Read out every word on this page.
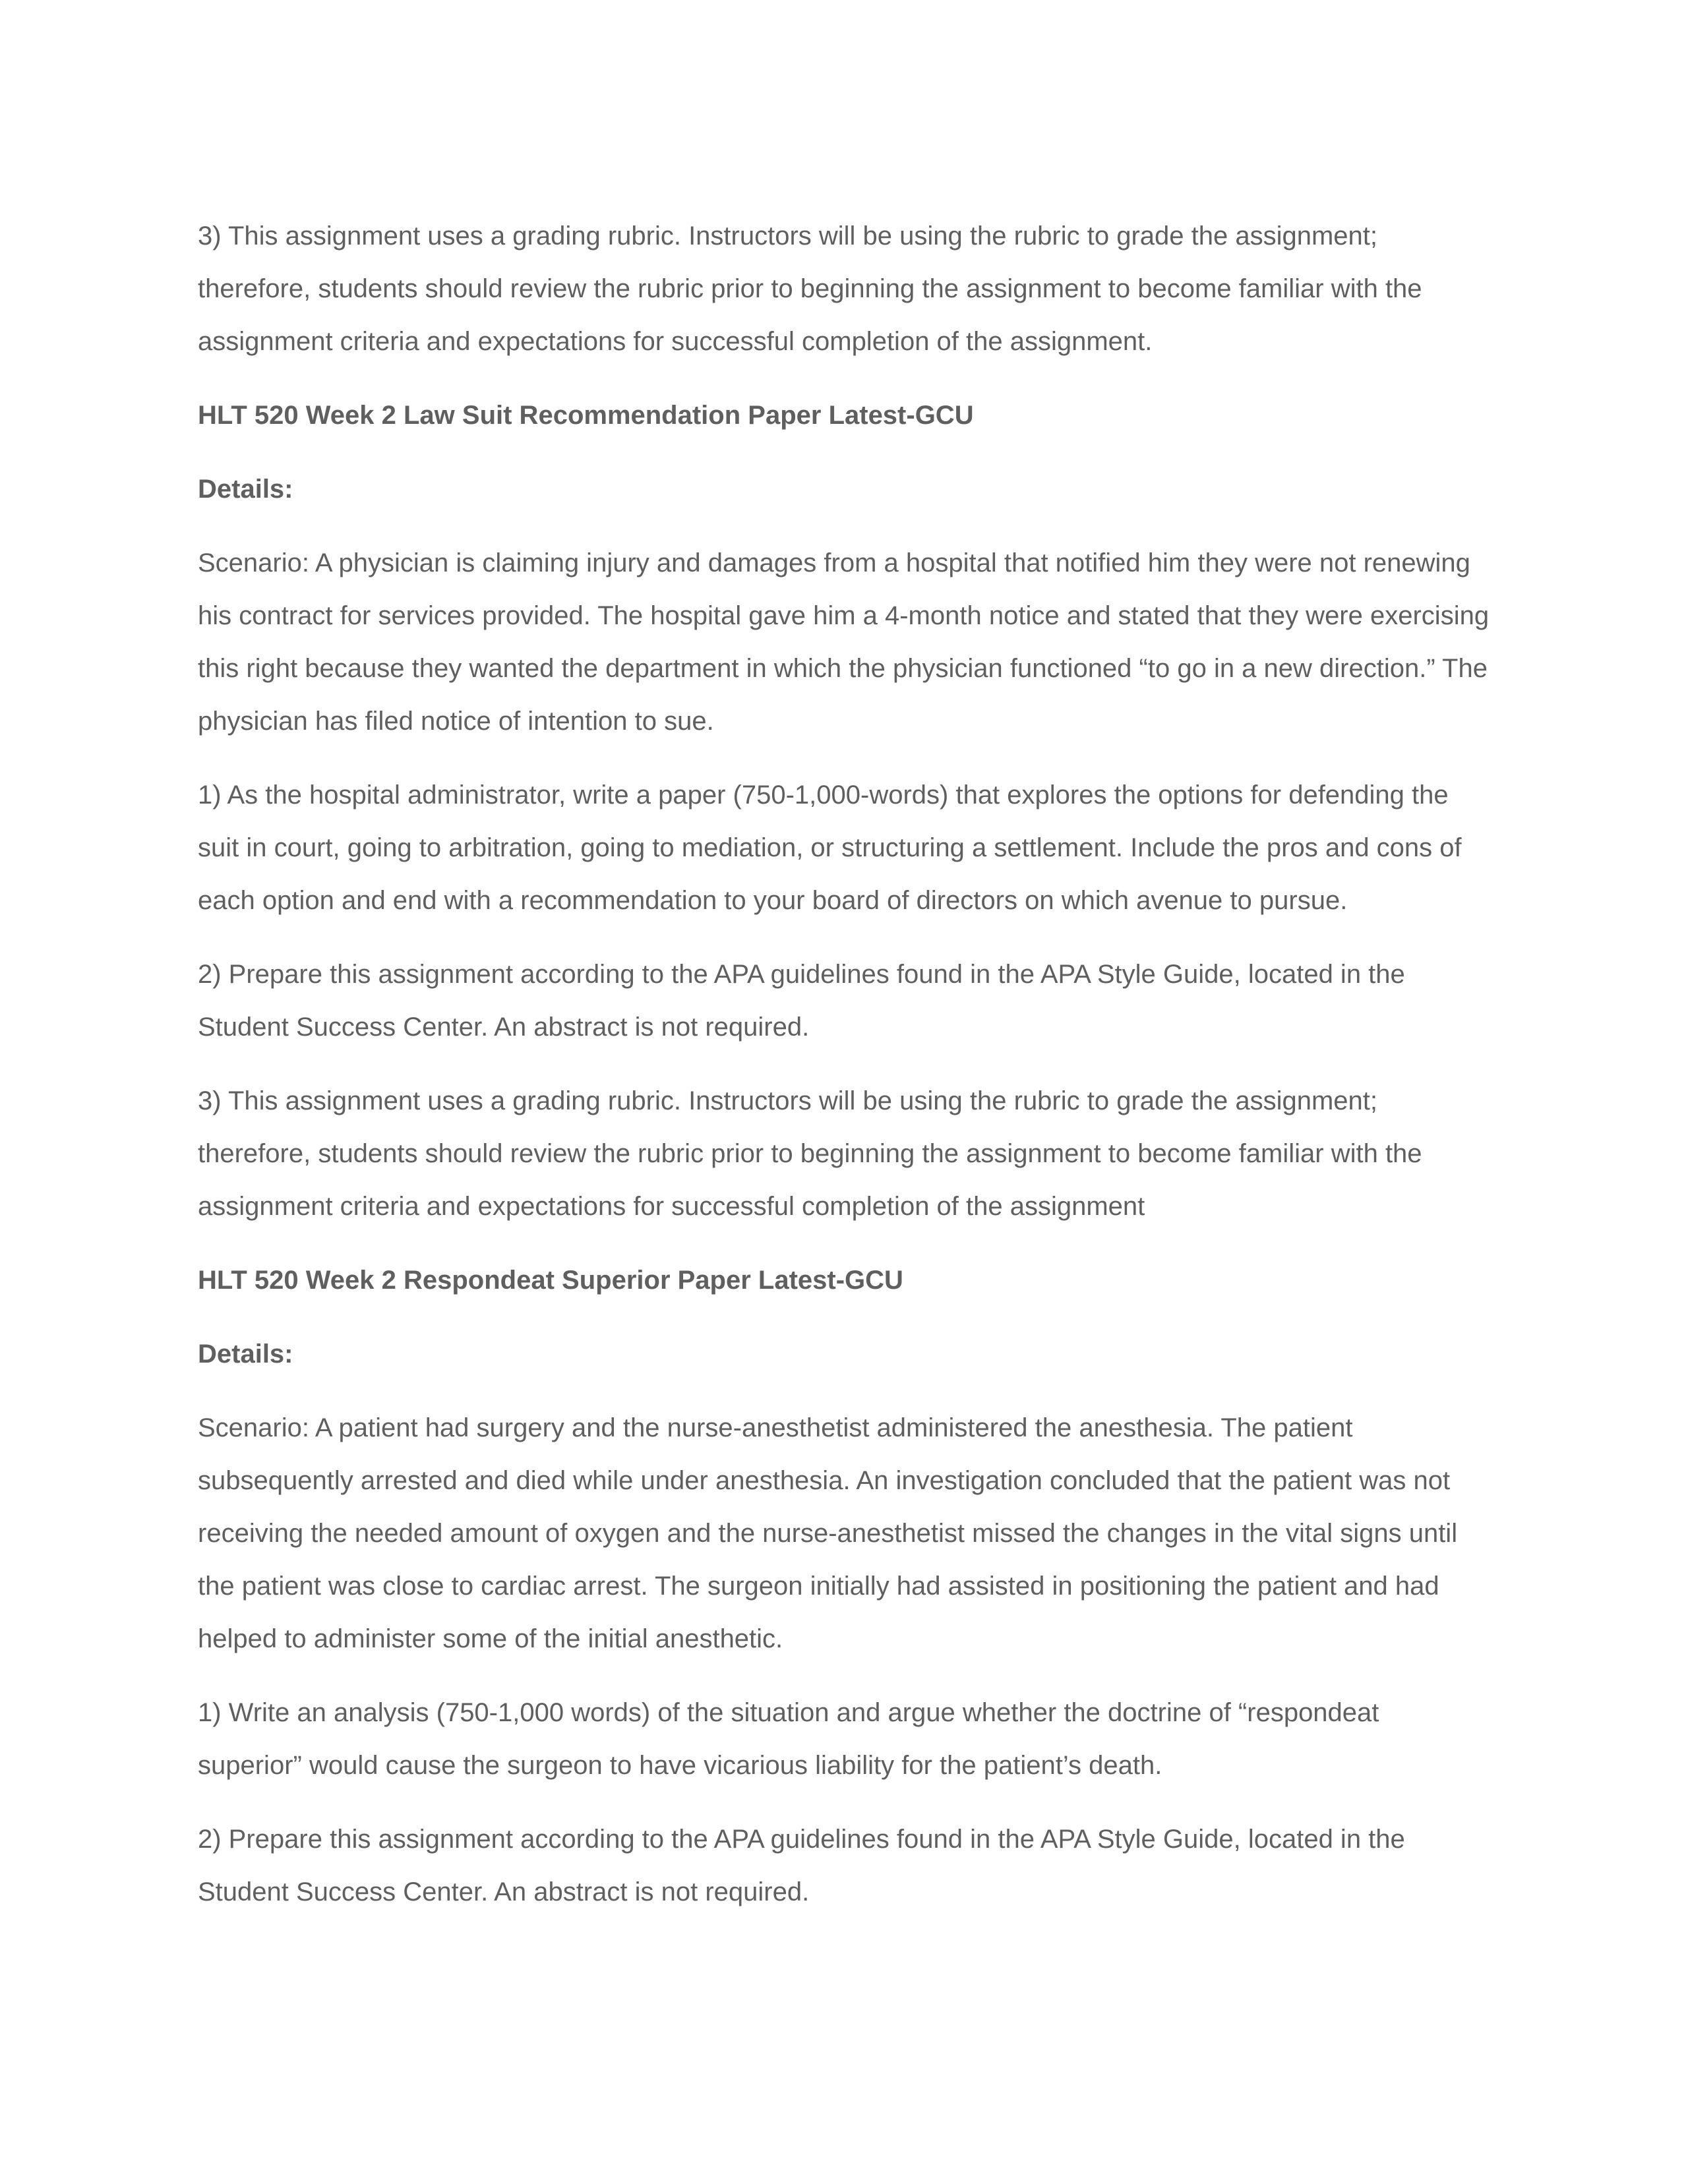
3) This assignment uses a grading rubric. Instructors will be using the rubric to grade the assignment; therefore, students should review the rubric prior to beginning the assignment to become familiar with the assignment criteria and expectations for successful completion of the assignment.

HLT 520 Week 2 Law Suit Recommendation Paper Latest-GCU

Details:

Scenario: A physician is claiming injury and damages from a hospital that notified him they were not renewing his contract for services provided. The hospital gave him a 4-month notice and stated that they were exercising this right because they wanted the department in which the physician functioned “to go in a new direction.” The physician has filed notice of intention to sue.

1) As the hospital administrator, write a paper (750-1,000-words) that explores the options for defending the suit in court, going to arbitration, going to mediation, or structuring a settlement. Include the pros and cons of each option and end with a recommendation to your board of directors on which avenue to pursue.

2) Prepare this assignment according to the APA guidelines found in the APA Style Guide, located in the Student Success Center. An abstract is not required.

3) This assignment uses a grading rubric. Instructors will be using the rubric to grade the assignment; therefore, students should review the rubric prior to beginning the assignment to become familiar with the assignment criteria and expectations for successful completion of the assignment

HLT 520 Week 2 Respondeat Superior Paper Latest-GCU

Details:

Scenario: A patient had surgery and the nurse-anesthetist administered the anesthesia. The patient subsequently arrested and died while under anesthesia. An investigation concluded that the patient was not receiving the needed amount of oxygen and the nurse-anesthetist missed the changes in the vital signs until the patient was close to cardiac arrest. The surgeon initially had assisted in positioning the patient and had helped to administer some of the initial anesthetic.

1) Write an analysis (750-1,000 words) of the situation and argue whether the doctrine of “respondeat superior” would cause the surgeon to have vicarious liability for the patient’s death.

2) Prepare this assignment according to the APA guidelines found in the APA Style Guide, located in the Student Success Center. An abstract is not required.
